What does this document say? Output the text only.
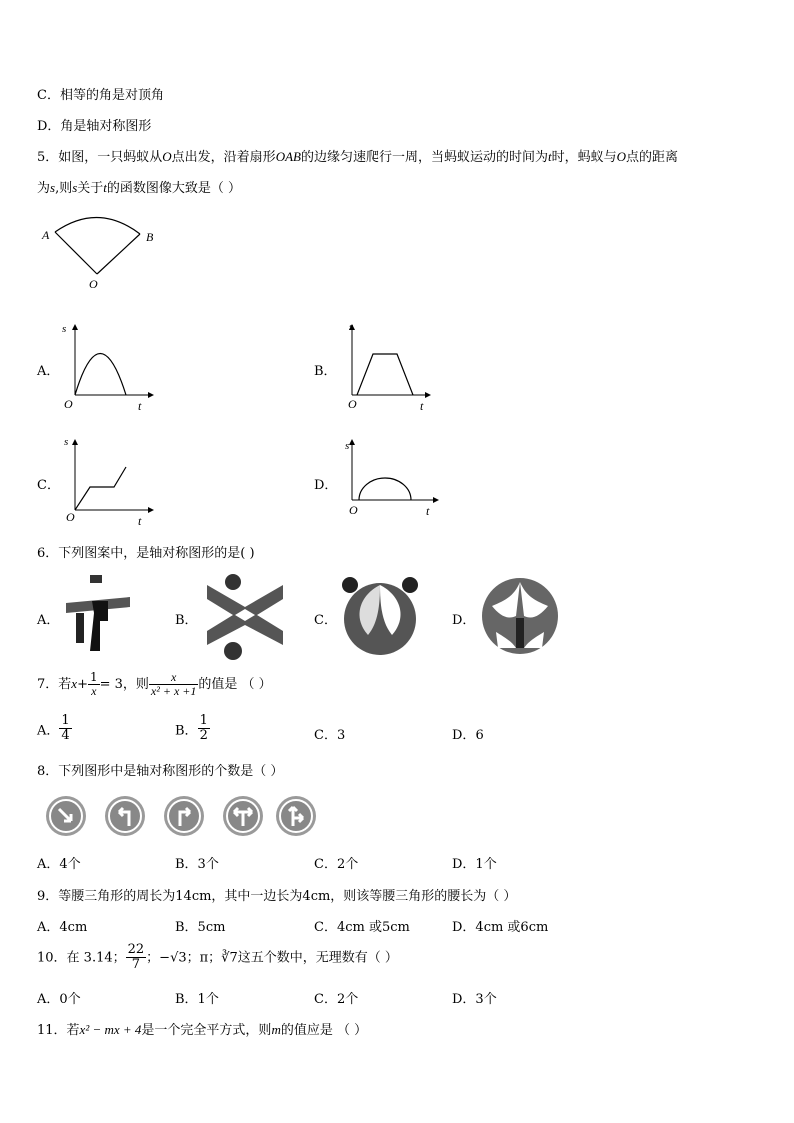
C．相等的角是对顶角
D．角是轴对称图形
5．如图，一只蚂蚁从O点出发，沿着扇形OAB的边缘匀速爬行一周，当蚂蚁运动的时间为t时，蚂蚁与O点的距离
为s,则s关于t的函数图像大致是（ ）
A	B
O
A．	B．
C．	D．
s
O	t
s
O	t
s
O	t
s
O	t
6．下列图案中，是轴对称图形的是( )
A．	B．	C．	D．
7．若$x+ \frac{1}{x} = 3$，则 $\frac{x}{\text{x² + x +1}}$ 的值是 （ ）
A． $\frac{1}{4}$	B． $\frac{1}{2}$	C．3	D．6
8．下列图形中是轴对称图形的个数是（ ）
A．4个	B．3个	C．2个	D．1个
9．等腰三角形的周长为14cm，其中一边长为4cm，则该等腰三角形的腰长为（ ）
A．4cm	B．5cm	C．4cm 或5cm	D．4cm 或6cm
10．在 3.14； $\frac{22}{7}$ ；−√3；π；∛7这五个数中，无理数有（ ）
A．0个	B．1个	C．2个	D．3个
11．若x² − mx + 4是一个完全平方式，则m的值应是 （ ）
